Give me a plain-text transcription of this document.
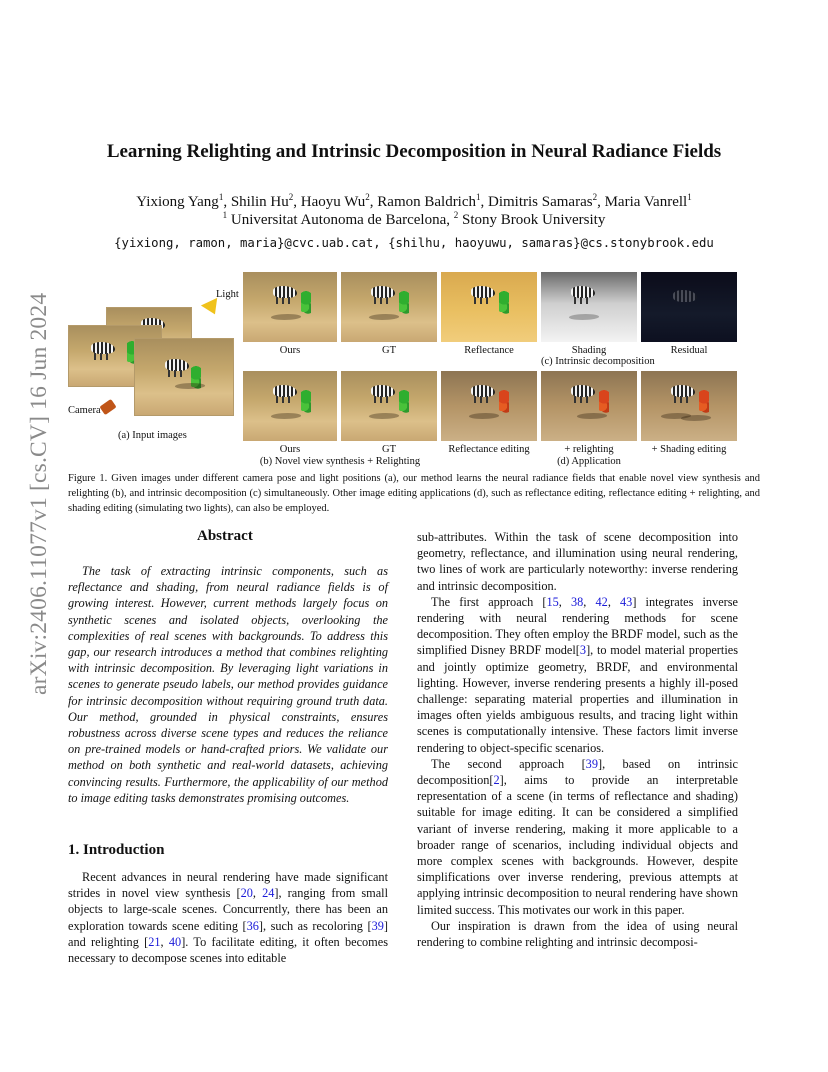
arXiv:2406.11077v1 [cs.CV] 16 Jun 2024
Learning Relighting and Intrinsic Decomposition in Neural Radiance Fields
Yixiong Yang$^1$, Shilin Hu$^2$, Haoyu Wu$^2$, Ramon Baldrich$^1$, Dimitris Samaras$^2$, Maria Vanrell$^1$
$^1$ Universitat Autonoma de Barcelona, $^2$ Stony Brook University
{yixiong, ramon, maria}@cvc.uab.cat, {shilhu, haoyuwu, samaras}@cs.stonybrook.edu
Light
Camera
(a) Input images
Ours	GT	Reflectance	Shading	Residual
(c) Intrinsic decomposition
Ours	GT	Reflectance editing	+ relighting	+ Shading editing
(b) Novel view synthesis + Relighting	(d) Application
Figure 1. Given images under different camera pose and light positions (a), our method learns the neural radiance fields that enable novel view synthesis and relighting (b), and intrinsic decomposition (c) simultaneously. Other image editing applications (d), such as reflectance editing, reflectance editing + relighting, and shading editing (simulating two lights), can also be employed.
Abstract

The task of extracting intrinsic components, such as reflectance and shading, from neural radiance fields is of growing interest. However, current methods largely focus on synthetic scenes and isolated objects, overlooking the complexities of real scenes with backgrounds. To address this gap, our research introduces a method that combines relighting with intrinsic decomposition. By leveraging light variations in scenes to generate pseudo labels, our method provides guidance for intrinsic decomposition without requiring ground truth data. Our method, grounded in physical constraints, ensures robustness across diverse scene types and reduces the reliance on pre-trained models or hand-crafted priors. We validate our method on both synthetic and real-world datasets, achieving convincing results. Furthermore, the applicability of our method to image editing tasks demonstrates promising outcomes.

1. Introduction

Recent advances in neural rendering have made significant strides in novel view synthesis [20, 24], ranging from small objects to large-scale scenes. Concurrently, there has been an exploration towards scene editing [36], such as recoloring [39] and relighting [21, 40]. To facilitate editing, it often becomes necessary to decompose scenes into editable

sub-attributes. Within the task of scene decomposition into geometry, reflectance, and illumination using neural rendering, two lines of work are particularly noteworthy: inverse rendering and intrinsic decomposition.

The first approach [15, 38, 42, 43] integrates inverse rendering with neural rendering methods for scene decomposition. They often employ the BRDF model, such as the simplified Disney BRDF model[3], to model material properties and jointly optimize geometry, BRDF, and environmental lighting. However, inverse rendering presents a highly ill-posed challenge: separating material properties and illumination in images often yields ambiguous results, and tracing light within scenes is computationally intensive. These factors limit inverse rendering to object-specific scenarios.

The second approach [39], based on intrinsic decomposition[2], aims to provide an interpretable representation of a scene (in terms of reflectance and shading) suitable for image editing. It can be considered a simplified variant of inverse rendering, making it more applicable to a broader range of scenarios, including individual objects and more complex scenes with backgrounds. However, despite simplifications over inverse rendering, previous attempts at applying intrinsic decomposition to neural rendering have shown limited success. This motivates our work in this paper.

Our inspiration is drawn from the idea of using neural rendering to combine relighting and intrinsic decomposi-
